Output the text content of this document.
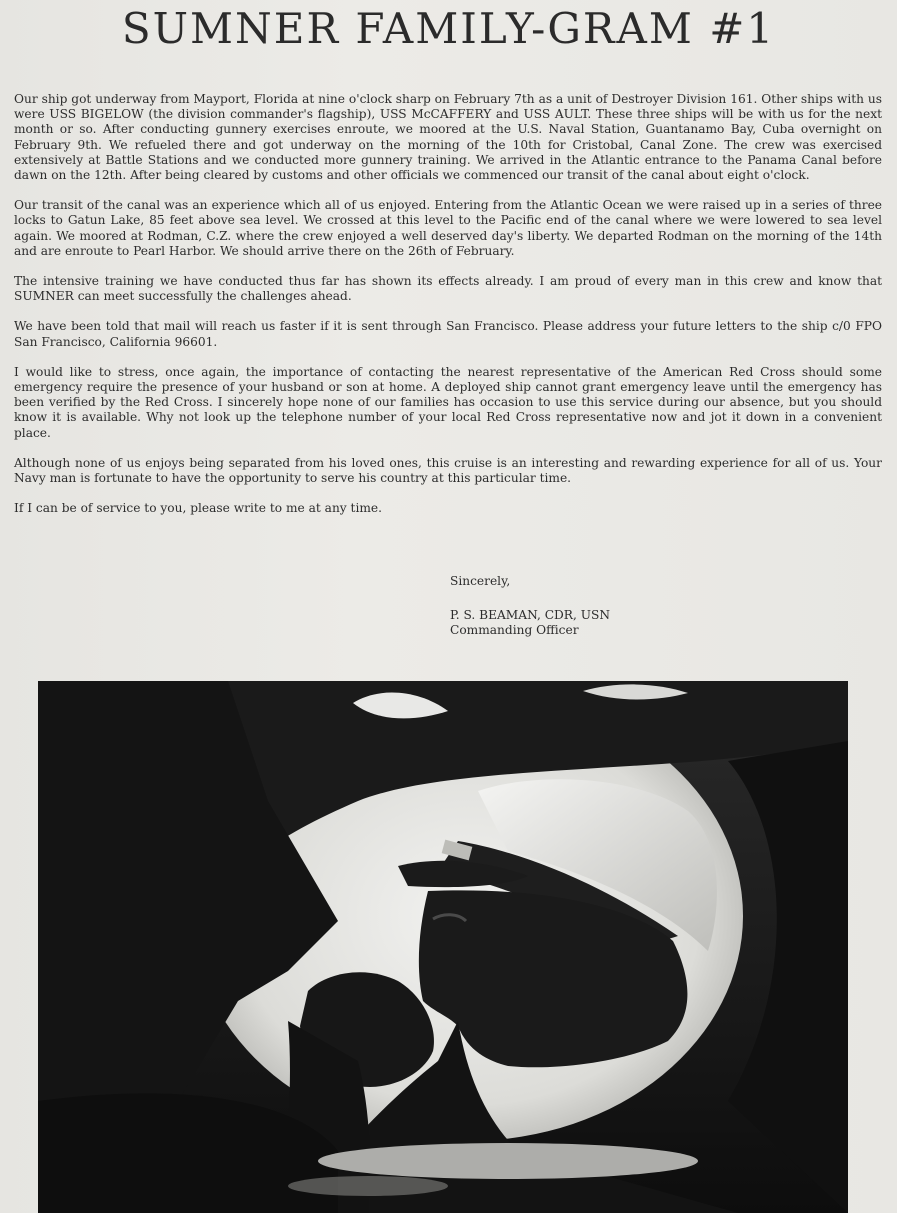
SUMNER FAMILY-GRAM #1

Our ship got underway from Mayport, Florida at nine o'clock sharp on February 7th as a unit of Destroyer Division 161. Other ships with us were USS BIGELOW (the division commander's flagship), USS McCAFFERY and USS AULT. These three ships will be with us for the next month or so. After conducting gunnery exercises enroute, we moored at the U.S. Naval Station, Guantanamo Bay, Cuba overnight on February 9th. We refueled there and got underway on the morning of the 10th for Cristobal, Canal Zone. The crew was exercised extensively at Battle Stations and we conducted more gunnery training. We arrived in the Atlantic entrance to the Panama Canal before dawn on the 12th. After being cleared by customs and other officials we commenced our transit of the canal about eight o'clock.

Our transit of the canal was an experience which all of us enjoyed. Entering from the Atlantic Ocean we were raised up in a series of three locks to Gatun Lake, 85 feet above sea level. We crossed at this level to the Pacific end of the canal where we were lowered to sea level again. We moored at Rodman, C.Z. where the crew enjoyed a well deserved day's liberty. We departed Rodman on the morning of the 14th and are enroute to Pearl Harbor. We should arrive there on the 26th of February.

The intensive training we have conducted thus far has shown its effects already. I am proud of every man in this crew and know that SUMNER can meet successfully the challenges ahead.

We have been told that mail will reach us faster if it is sent through San Francisco. Please address your future letters to the ship c/0 FPO San Francisco, California 96601.

I would like to stress, once again, the importance of contacting the nearest representative of the American Red Cross should some emergency require the presence of your husband or son at home. A deployed ship cannot grant emergency leave until the emergency has been verified by the Red Cross. I sincerely hope none of our families has occasion to use this service during our absence, but you should know it is available. Why not look up the telephone number of your local Red Cross representative now and jot it down in a convenient place.

Although none of us enjoys being separated from his loved ones, this cruise is an interesting and rewarding experience for all of us. Your Navy man is fortunate to have the opportunity to serve his country at this particular time.

If I can be of service to you, please write to me at any time.

Sincerely,
P. S. BEAMAN, CDR, USN
Commanding Officer
